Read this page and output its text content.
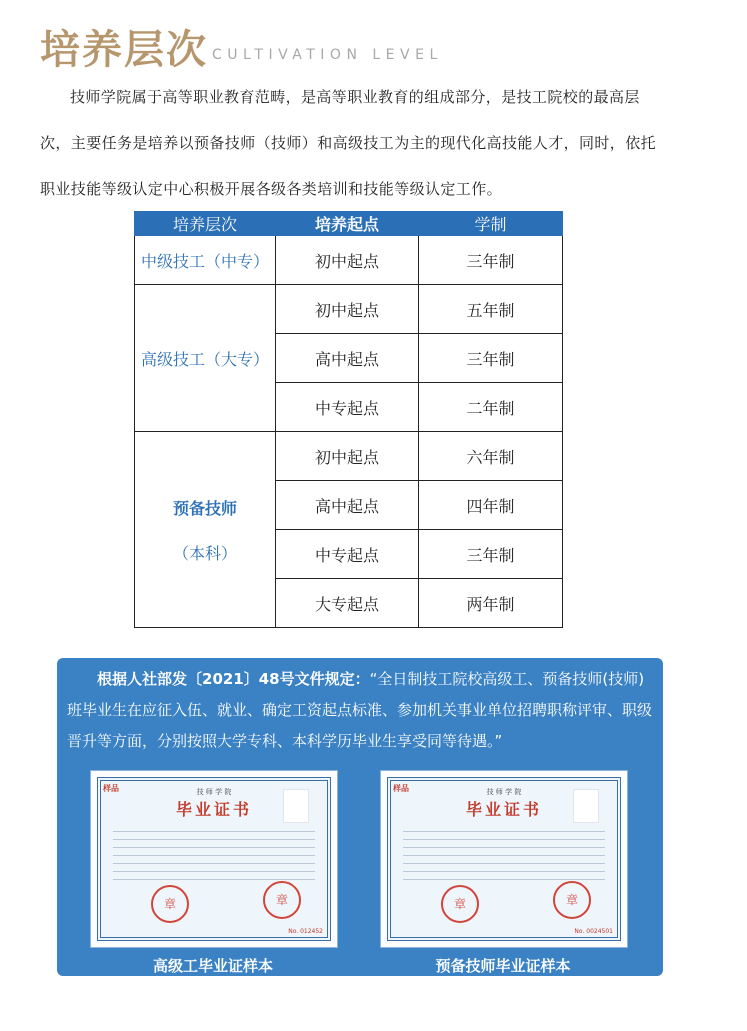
培养层次 CULTIVATION LEVEL

技师学院属于高等职业教育范畴，是高等职业教育的组成部分，是技工院校的最高层

次，主要任务是培养以预备技师（技师）和高级技工为主的现代化高技能人才，同时，依托

职业技能等级认定中心积极开展各级各类培训和技能等级认定工作。

培养层次	培养起点	学制
中级技工（中专）	初中起点	三年制
高级技工（大专）	初中起点	五年制
	高中起点	三年制
	中专起点	二年制

预备技师
（本科）	初中起点	六年制
	高中起点	四年制
	中专起点	三年制
	大专起点	两年制

根据人社部发〔2021〕48号文件规定：“全日制技工院校高级工、预备技师(技师)班毕业生在应征入伍、就业、确定工资起点标准、参加机关事业单位招聘职称评审、职级晋升等方面，分别按照大学专科、本科学历毕业生享受同等待遇。”

样品	技 师 学 院
毕业证书
章	章
No. 012452
高级工毕业证样本
样品	技 师 学 院
毕业证书
章	章
No. 0024501
预备技师毕业证样本
